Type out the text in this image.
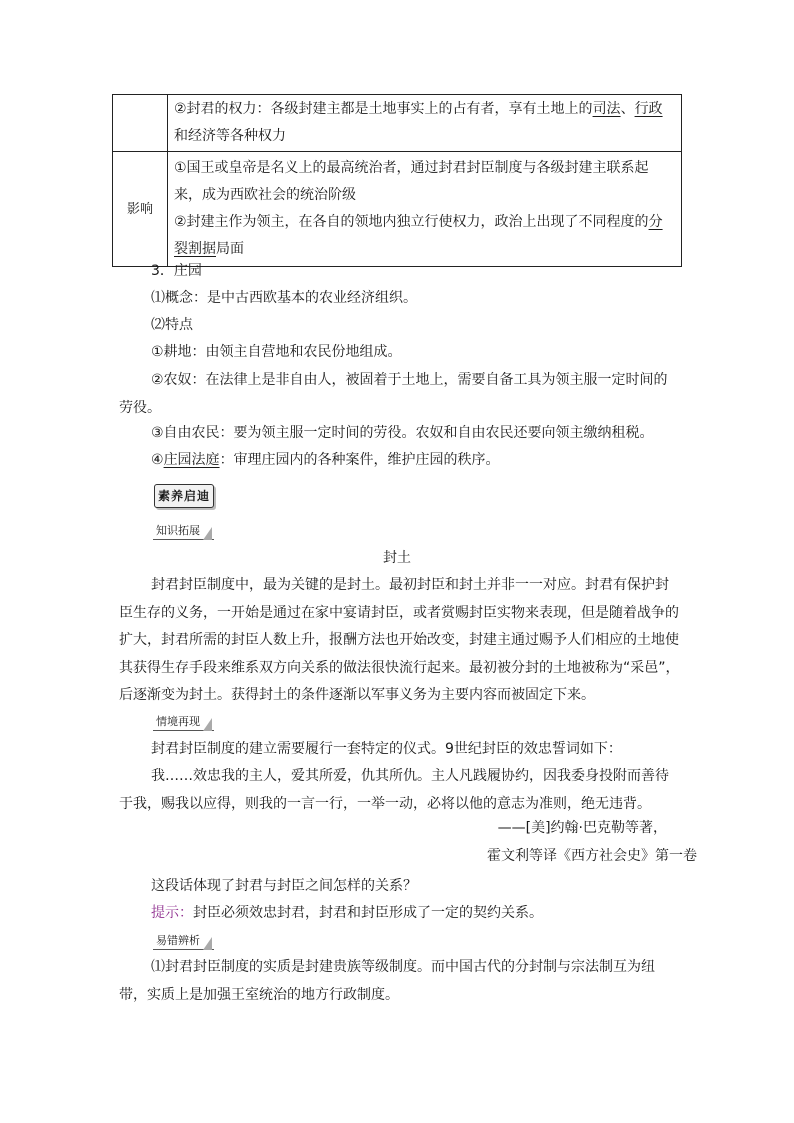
	②封君的权力：各级封建主都是土地事实上的占有者，享有土地上的司法、行政和经济等各种权力

影响	①国王或皇帝是名义上的最高统治者，通过封君封臣制度与各级封建主联系起来，成为西欧社会的统治阶级
②封建主作为领主，在各自的领地内独立行使权力，政治上出现了不同程度的分裂割据局面
3．庄园
⑴概念：是中古西欧基本的农业经济组织。
⑵特点
①耕地：由领主自营地和农民份地组成。
②农奴：在法律上是非自由人，被固着于土地上，需要自备工具为领主服一定时间的劳役。
③自由农民：要为领主服一定时间的劳役。农奴和自由农民还要向领主缴纳租税。
④庄园法庭：审理庄园内的各种案件，维护庄园的秩序。
素养启迪
知识拓展
封土
封君封臣制度中，最为关键的是封土。最初封臣和封土并非一一对应。封君有保护封臣生存的义务，一开始是通过在家中宴请封臣，或者赏赐封臣实物来表现，但是随着战争的扩大，封君所需的封臣人数上升，报酬方法也开始改变，封建主通过赐予人们相应的土地使其获得生存手段来维系双方向关系的做法很快流行起来。最初被分封的土地被称为“采邑”，后逐渐变为封土。获得封土的条件逐渐以军事义务为主要内容而被固定下来。
情境再现
封君封臣制度的建立需要履行一套特定的仪式。9世纪封臣的效忠誓词如下：
我……效忠我的主人，爱其所爱，仇其所仇。主人凡践履协约，因我委身投附而善待于我，赐我以应得，则我的一言一行，一举一动，必将以他的意志为准则，绝无违背。
——[美]约翰·巴克勒等著，
霍文利等译《西方社会史》第一卷
这段话体现了封君与封臣之间怎样的关系？
提示：封臣必须效忠封君，封君和封臣形成了一定的契约关系。
易错辨析
⑴封君封臣制度的实质是封建贵族等级制度。而中国古代的分封制与宗法制互为纽带，实质上是加强王室统治的地方行政制度。
